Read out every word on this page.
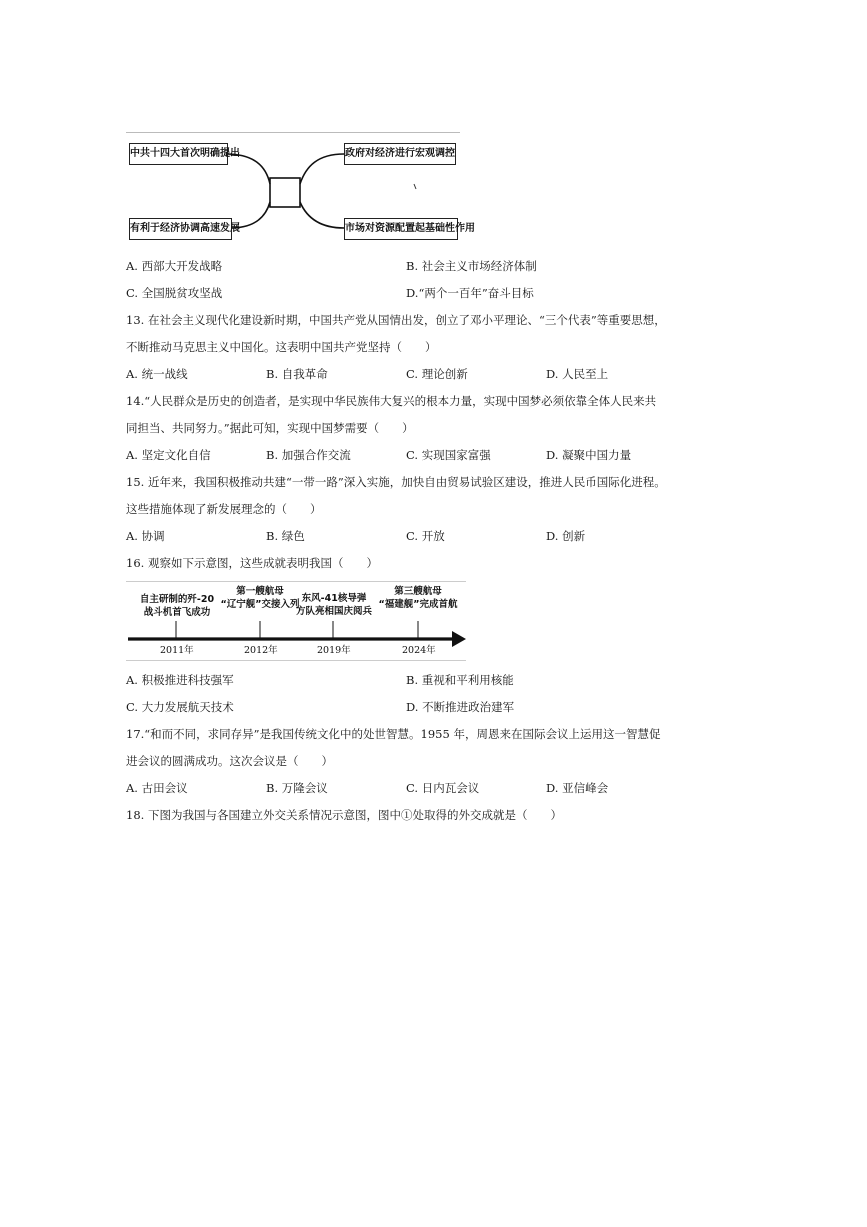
中共十四大首次明确提出
有利于经济协调高速发展
政府对经济进行宏观调控
市场对资源配置起基础性作用
A. 西部大开发战略	B. 社会主义市场经济体制
C. 全国脱贫攻坚战	D.“两个一百年”奋斗目标
13. 在社会主义现代化建设新时期，中国共产党从国情出发，创立了邓小平理论、“三个代表”等重要思想，
不断推动马克思主义中国化。这表明中国共产党坚持（　　）
A. 统一战线	B. 自我革命	C. 理论创新	D. 人民至上
14.“人民群众是历史的创造者，是实现中华民族伟大复兴的根本力量，实现中国梦必须依靠全体人民来共
同担当、共同努力。”据此可知，实现中国梦需要（　　）
A. 坚定文化自信	B. 加强合作交流	C. 实现国家富强	D. 凝聚中国力量
15. 近年来，我国积极推动共建“一带一路”深入实施，加快自由贸易试验区建设，推进人民币国际化进程。
这些措施体现了新发展理念的（　　）
A. 协调	B. 绿色	C. 开放	D. 创新
16. 观察如下示意图，这些成就表明我国（　　）
自主研制的歼-20
战斗机首飞成功
2011年
第一艘航母
“辽宁舰”交接入列
2012年
东风-41核导弹
方队亮相国庆阅兵
2019年
第三艘航母
“福建舰”完成首航
2024年
A. 积极推进科技强军	B. 重视和平利用核能
C. 大力发展航天技术	D. 不断推进政治建军
17.“和而不同，求同存异”是我国传统文化中的处世智慧。1955 年，周恩来在国际会议上运用这一智慧促
进会议的圆满成功。这次会议是（　　）
A. 古田会议	B. 万隆会议	C. 日内瓦会议	D. 亚信峰会
18. 下图为我国与各国建立外交关系情况示意图，图中①处取得的外交成就是（　　）
